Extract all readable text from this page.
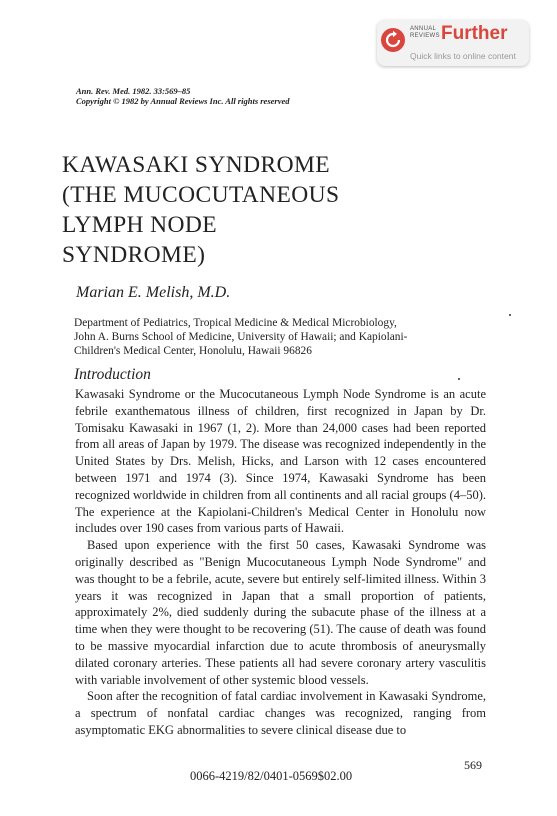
ANNUAL REVIEWS Further
Quick links to online content
Ann. Rev. Med. 1982. 33:569–85
Copyright © 1982 by Annual Reviews Inc. All rights reserved
KAWASAKI SYNDROME
(THE MUCOCUTANEOUS
LYMPH NODE
SYNDROME)
Marian E. Melish, M.D.
Department of Pediatrics, Tropical Medicine & Medical Microbiology,
John A. Burns School of Medicine, University of Hawaii; and Kapiolani-
Children's Medical Center, Honolulu, Hawaii 96826
Introduction

Kawasaki Syndrome or the Mucocutaneous Lymph Node Syndrome is an acute febrile exanthematous illness of children, first recognized in Japan by Dr. Tomisaku Kawasaki in 1967 (1, 2). More than 24,000 cases had been reported from all areas of Japan by 1979. The disease was recognized independently in the United States by Drs. Melish, Hicks, and Larson with 12 cases encountered between 1971 and 1974 (3). Since 1974, Kawasaki Syndrome has been recognized worldwide in children from all continents and all racial groups (4–50). The experience at the Kapiolani-Children's Medical Center in Honolulu now includes over 190 cases from various parts of Hawaii.

Based upon experience with the first 50 cases, Kawasaki Syndrome was originally described as "Benign Mucocutaneous Lymph Node Syndrome" and was thought to be a febrile, acute, severe but entirely self-limited illness. Within 3 years it was recognized in Japan that a small proportion of patients, approximately 2%, died suddenly during the subacute phase of the illness at a time when they were thought to be recovering (51). The cause of death was found to be massive myocardial infarction due to acute thrombosis of aneurysmally dilated coronary arteries. These patients all had severe coronary artery vasculitis with variable involvement of other systemic blood vessels.

Soon after the recognition of fatal cardiac involvement in Kawasaki Syndrome, a spectrum of nonfatal cardiac changes was recognized, ranging from asymptomatic EKG abnormalities to severe clinical disease due to

569
0066-4219/82/0401-0569$02.00
